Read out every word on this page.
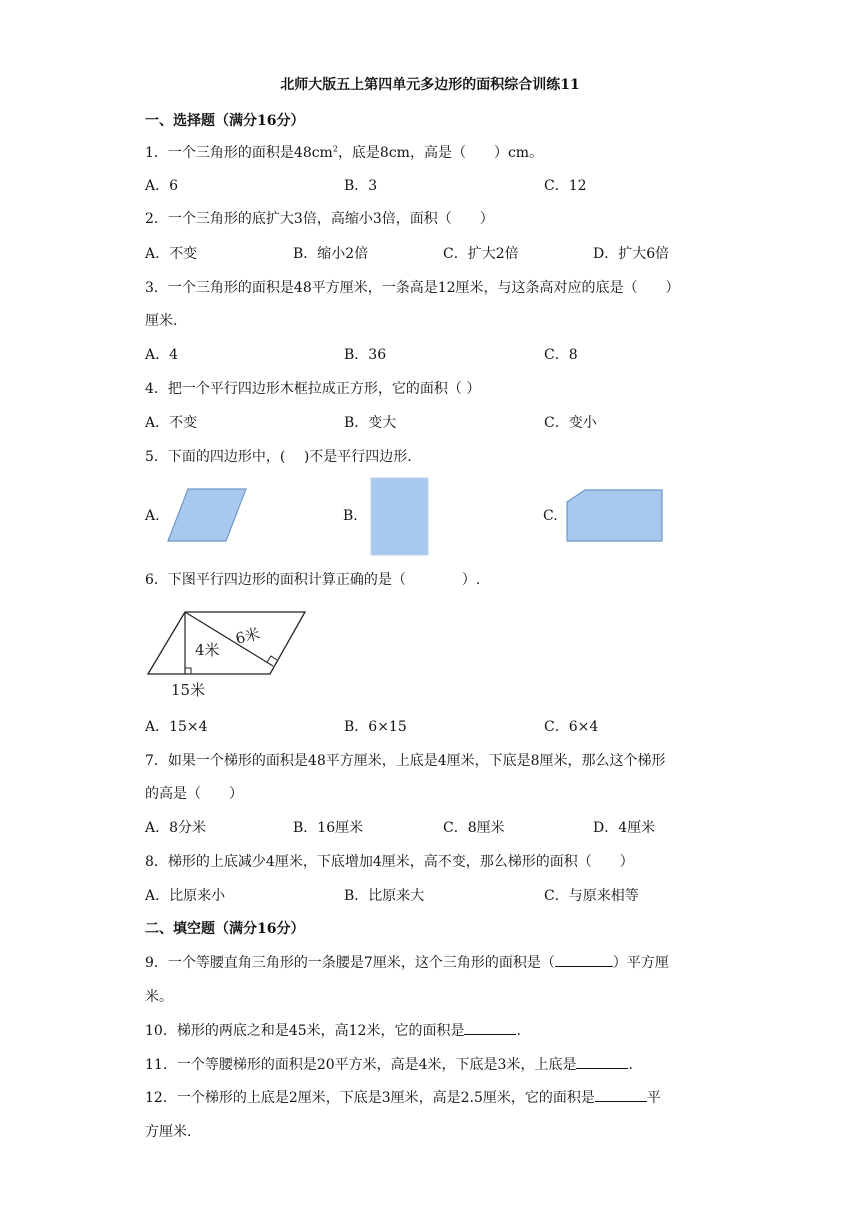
北师大版五上第四单元多边形的面积综合训练11
一、选择题（满分16分）
1．一个三角形的面积是$48cm^2$，底是8cm，高是（　　）cm。
A．6	B．3	C．12
2．一个三角形的底扩大3倍，高缩小3倍，面积（　　）
A．不变	B．缩小2倍	C．扩大2倍	D．扩大6倍
3．一个三角形的面积是48平方厘米，一条高是12厘米，与这条高对应的底是（　　）
厘米.
A．4	B．36	C．8
4．把一个平行四边形木框拉成正方形，它的面积（ ）
A．不变	B．变大	C．变小
5．下面的四边形中，(　 )不是平行四边形.
A.	B.	C.
6．下图平行四边形的面积计算正确的是（　　　　）.
4米
6米
15米
A．15×4	B．6×15	C．6×4
7．如果一个梯形的面积是48平方厘米，上底是4厘米，下底是8厘米，那么这个梯形
的高是（　　）
A．8分米	B．16厘米	C．8厘米	D．4厘米
8．梯形的上底减少4厘米，下底增加4厘米，高不变，那么梯形的面积（　　）
A．比原来小	B．比原来大	C．与原来相等
二、填空题（满分16分）
9．一个等腰直角三角形的一条腰是7厘米，这个三角形的面积是（	）平方厘
米。
10．梯形的两底之和是45米，高12米，它的面积是	.
11．一个等腰梯形的面积是20平方米，高是4米，下底是3米，上底是	.
12．一个梯形的上底是2厘米，下底是3厘米，高是2.5厘米，它的面积是	平
方厘米.
